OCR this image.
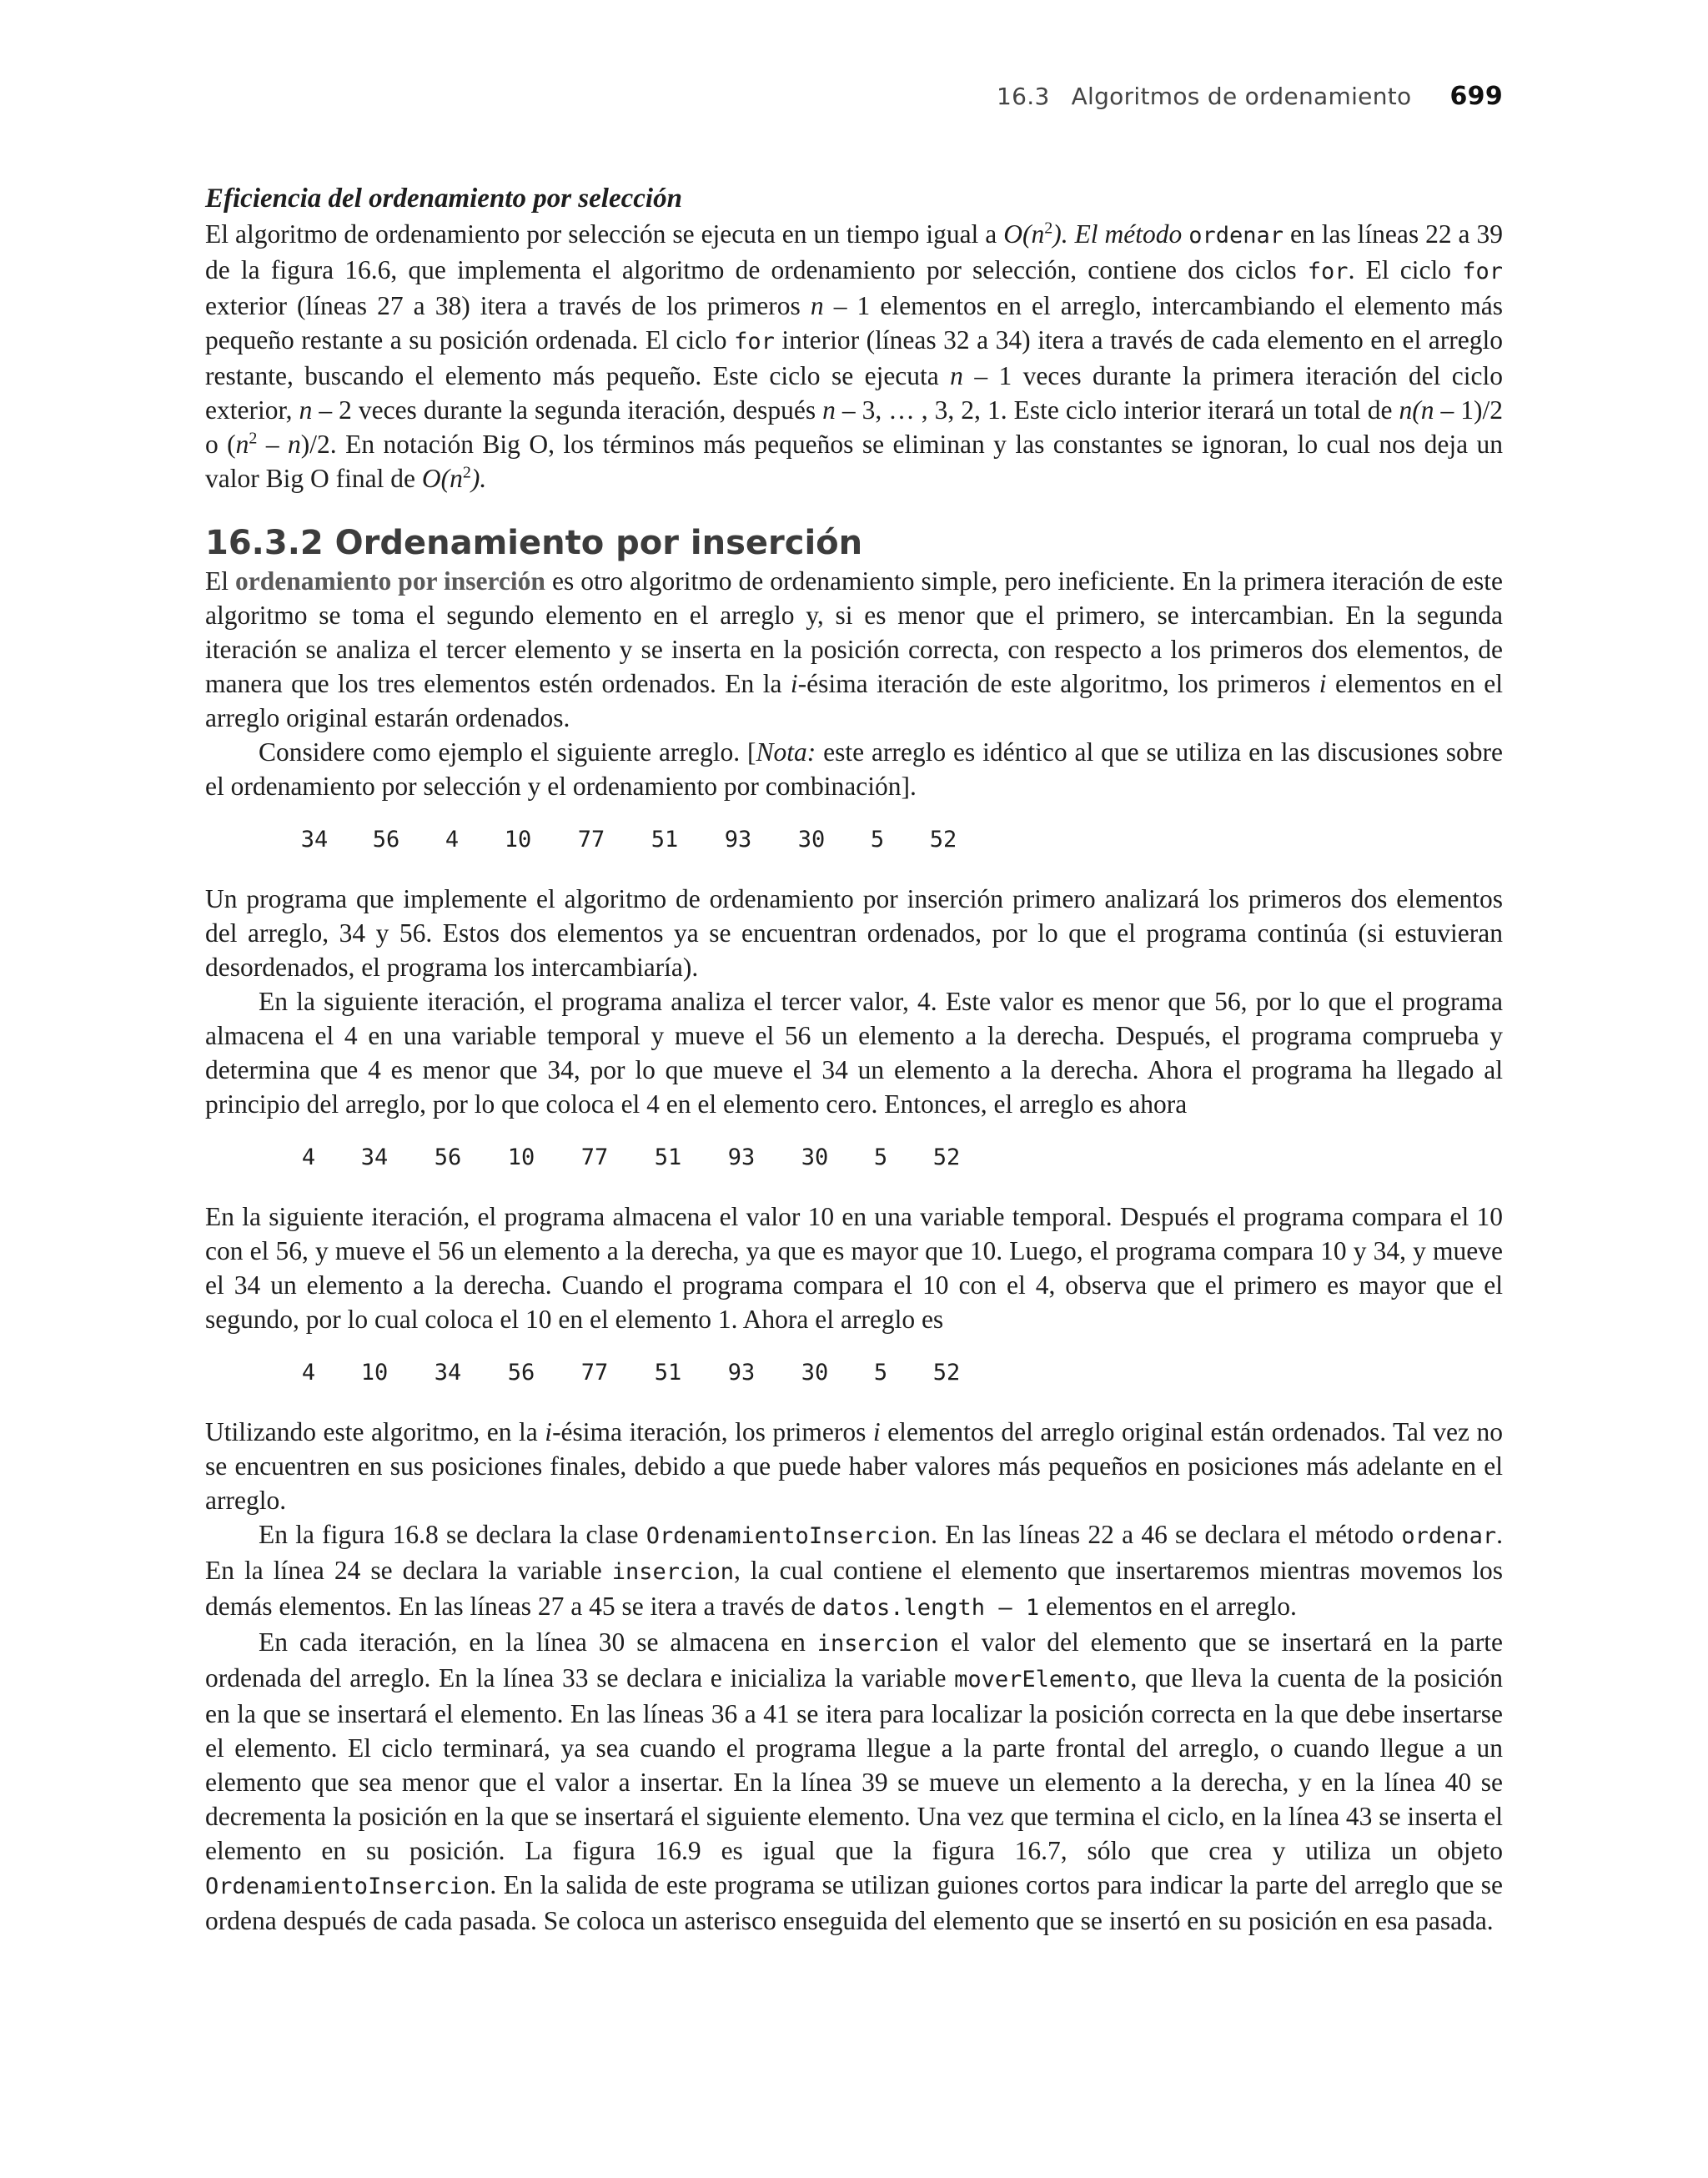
16.3 Algoritmos de ordenamiento 699
Eficiencia del ordenamiento por selección

El algoritmo de ordenamiento por selección se ejecuta en un tiempo igual a $O(n^2)$. El método ordenar en las líneas 22 a 39 de la figura 16.6, que implementa el algoritmo de ordenamiento por selección, contiene dos ciclos for. El ciclo for exterior (líneas 27 a 38) itera a través de los primeros n – 1 elementos en el arreglo, intercambiando el elemento más pequeño restante a su posición ordenada. El ciclo for interior (líneas 32 a 34) itera a través de cada elemento en el arreglo restante, buscando el elemento más pequeño. Este ciclo se ejecuta n – 1 veces durante la primera iteración del ciclo exterior, n – 2 veces durante la segunda iteración, después n – 3, … , 3, 2, 1. Este ciclo interior iterará un total de n(n – 1)/2 o $(n^2 - n)/2$. En notación Big O, los términos más pequeños se eliminan y las constantes se ignoran, lo cual nos deja un valor Big O final de $O(n^2)$.

16.3.2 Ordenamiento por inserción

El ordenamiento por inserción es otro algoritmo de ordenamiento simple, pero ineficiente. En la primera iteración de este algoritmo se toma el segundo elemento en el arreglo y, si es menor que el primero, se intercambian. En la segunda iteración se analiza el tercer elemento y se inserta en la posición correcta, con respecto a los primeros dos elementos, de manera que los tres elementos estén ordenados. En la i-ésima iteración de este algoritmo, los primeros i elementos en el arreglo original estarán ordenados.

Considere como ejemplo el siguiente arreglo. [Nota: este arreglo es idéntico al que se utiliza en las discusiones sobre el ordenamiento por selección y el ordenamiento por combinación].

34	56	4	10 77 51 93 30	5	52

Un programa que implemente el algoritmo de ordenamiento por inserción primero analizará los primeros dos elementos del arreglo, 34 y 56. Estos dos elementos ya se encuentran ordenados, por lo que el programa continúa (si estuvieran desordenados, el programa los intercambiaría).

En la siguiente iteración, el programa analiza el tercer valor, 4. Este valor es menor que 56, por lo que el programa almacena el 4 en una variable temporal y mueve el 56 un elemento a la derecha. Después, el programa comprueba y determina que 4 es menor que 34, por lo que mueve el 34 un elemento a la derecha. Ahora el programa ha llegado al principio del arreglo, por lo que coloca el 4 en el elemento cero. Entonces, el arreglo es ahora

4	34 56 10 77 51 93 30	5	52

En la siguiente iteración, el programa almacena el valor 10 en una variable temporal. Después el programa compara el 10 con el 56, y mueve el 56 un elemento a la derecha, ya que es mayor que 10. Luego, el programa compara 10 y 34, y mueve el 34 un elemento a la derecha. Cuando el programa compara el 10 con el 4, observa que el primero es mayor que el segundo, por lo cual coloca el 10 en el elemento 1. Ahora el arreglo es

4	10 34 56 77 51 93 30	5	52

Utilizando este algoritmo, en la i-ésima iteración, los primeros i elementos del arreglo original están ordenados. Tal vez no se encuentren en sus posiciones finales, debido a que puede haber valores más pequeños en posiciones más adelante en el arreglo.

En la figura 16.8 se declara la clase OrdenamientoInsercion. En las líneas 22 a 46 se declara el método ordenar. En la línea 24 se declara la variable insercion, la cual contiene el elemento que insertaremos mientras movemos los demás elementos. En las líneas 27 a 45 se itera a través de datos.length – 1 elementos en el arreglo.

En cada iteración, en la línea 30 se almacena en insercion el valor del elemento que se insertará en la parte ordenada del arreglo. En la línea 33 se declara e inicializa la variable moverElemento, que lleva la cuenta de la posición en la que se insertará el elemento. En las líneas 36 a 41 se itera para localizar la posición correcta en la que debe insertarse el elemento. El ciclo terminará, ya sea cuando el programa llegue a la parte frontal del arreglo, o cuando llegue a un elemento que sea menor que el valor a insertar. En la línea 39 se mueve un elemento a la derecha, y en la línea 40 se decrementa la posición en la que se insertará el siguiente elemento. Una vez que termina el ciclo, en la línea 43 se inserta el elemento en su posición. La figura 16.9 es igual que la figura 16.7, sólo que crea y utiliza un objeto OrdenamientoInsercion. En la salida de este programa se utilizan guiones cortos para indicar la parte del arreglo que se ordena después de cada pasada. Se coloca un asterisco enseguida del elemento que se insertó en su posición en esa pasada.
